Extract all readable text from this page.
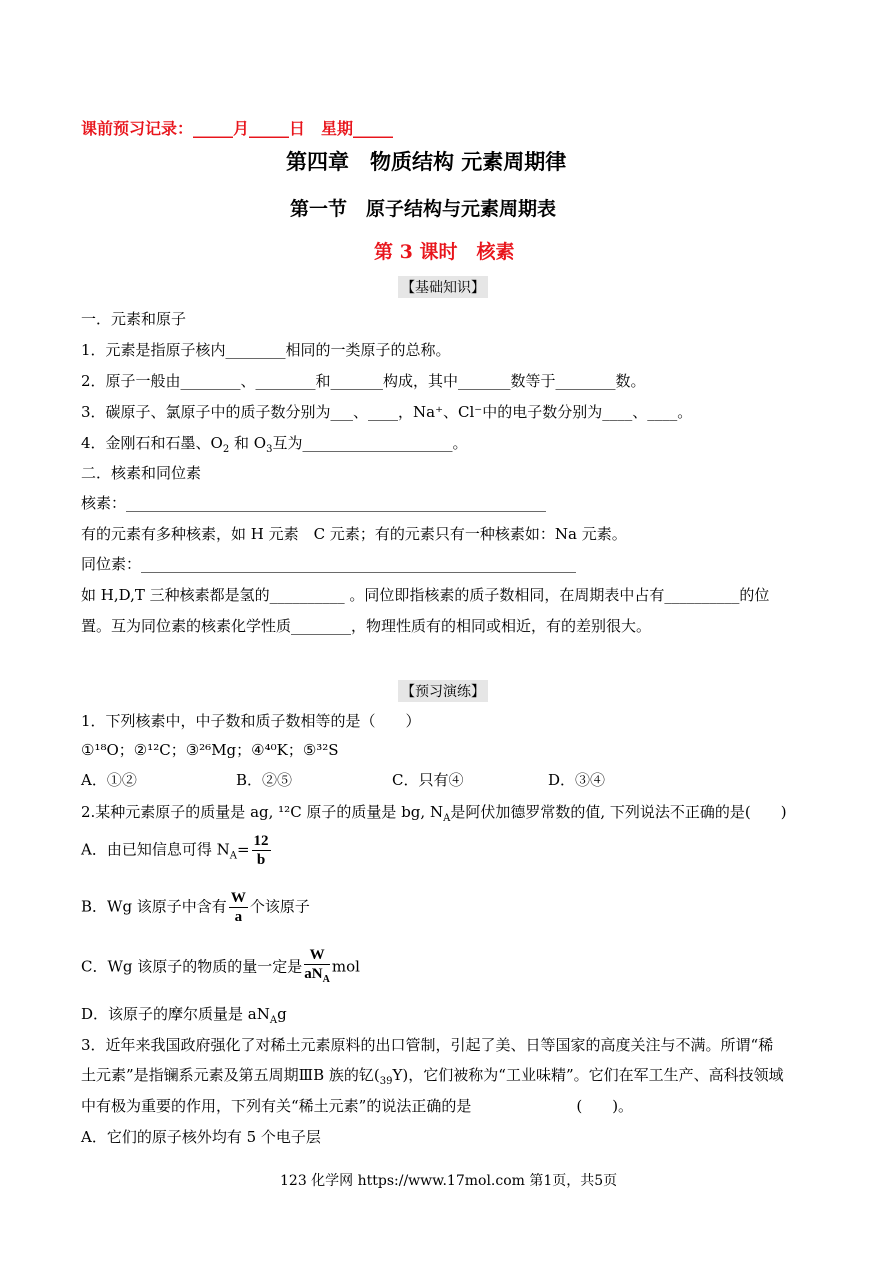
课前预习记录：_____月_____日　星期_____
第四章　物质结构 元素周期律
第一节　原子结构与元素周期表
第 3 课时　核素
【基础知识】
一．元素和原子
1．元素是指原子核内________相同的一类原子的总称。
2．原子一般由________、________和_______构成，其中_______数等于________数。
3．碳原子、氯原子中的质子数分别为___、____，Na⁺、Cl⁻中的电子数分别为____、____。
4．金刚石和石墨、$O_2$ 和 $O_3$互为____________________。
二．核素和同位素
核素：________________________________________________________
有的元素有多种核素，如 H 元素　C 元素；有的元素只有一种核素如：Na 元素。
同位素：__________________________________________________________
如 H,D,T 三种核素都是氢的__________ 。同位即指核素的质子数相同，在周期表中占有__________的位
置。互为同位素的核素化学性质________，物理性质有的相同或相近，有的差别很大。
【预习演练】
1．下列核素中，中子数和质子数相等的是（　　）
①¹⁸O；②¹²C；③²⁶Mg；④⁴⁰K；⑤³²S
A．①②	B．②⑤	C．只有④	D．③④
2.某种元素原子的质量是 ag, ¹²C 原子的质量是 bg, $N_A$是阿伏加德罗常数的值, 下列说法不正确的是(　　)
A．由已知信息可得 $N_A= \frac{12}{b}$
B．Wg 该原子中含有 $\frac{W}{a}$ 个该原子
C．Wg 该原子的物质的量一定是 $\frac{W}{aN_A}$ mol
D．该原子的摩尔质量是 $aN_Ag$
3．近年来我国政府强化了对稀土元素原料的出口管制，引起了美、日等国家的高度关注与不满。所谓“稀
土元素”是指镧系元素及第五周期ⅢB 族的钇$(_{39}Y)$，它们被称为“工业味精”。它们在军工生产、高科技领域
中有极为重要的作用，下列有关“稀土元素”的说法正确的是　　　　　　　(　　)。
A．它们的原子核外均有 5 个电子层
123 化学网 https://www.17mol.com 第1页，共5页
